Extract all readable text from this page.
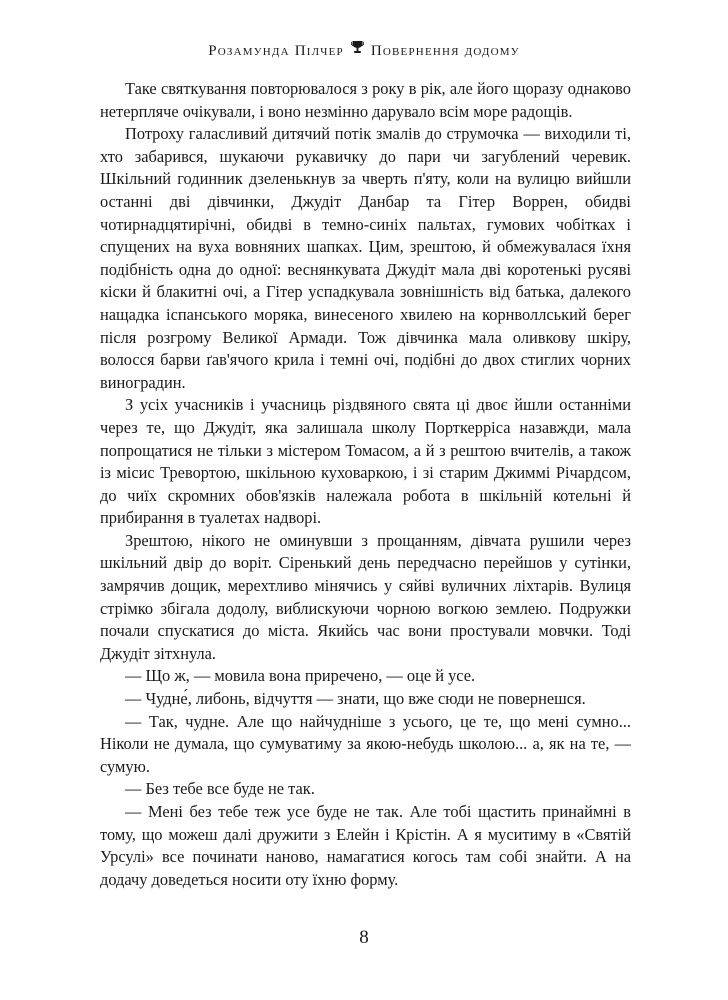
Розамунда Пілчер Повернення додому

Таке святкування повторювалося з року в рік, але його щоразу однаково нетерпляче очікували, і воно незмінно дарувало всім море радощів.

Потроху галасливий дитячий потік змалів до струмочка — виходили ті, хто забарився, шукаючи рукавичку до пари чи загублений черевик. Шкільний годинник дзеленькнув за чверть п'яту, коли на вулицю вийшли останні дві дівчинки, Джудіт Данбар та Гітер Воррен, обидві чотирнадцятирічні, обидві в темно-синіх пальтах, гумових чобітках і спущених на вуха вовняних шапках. Цим, зрештою, й обмежувалася їхня подібність одна до одної: веснянкувата Джудіт мала дві коротенькі русяві кіски й блакитні очі, а Гітер успадкувала зовнішність від батька, далекого нащадка іспанського моряка, винесеного хвилею на корнволлський берег після розгрому Великої Армади. Тож дівчинка мала оливкову шкіру, волосся барви ґав'ячого крила і темні очі, подібні до двох стиглих чорних виноградин.

З усіх учасників і учасниць різдвяного свята ці двоє йшли останніми через те, що Джудіт, яка залишала школу Порткерріса назавжди, мала попрощатися не тільки з містером Томасом, а й з рештою вчителів, а також із місис Тревортою, шкільною куховаркою, і зі старим Джиммі Річардсом, до чиїх скромних обов'язків належала робота в шкільній котельні й прибирання в туалетах надворі.

Зрештою, нікого не оминувши з прощанням, дівчата рушили через шкільний двір до воріт. Сіренький день передчасно перейшов у сутінки, замрячив дощик, мерехтливо мінячись у сяйві вуличних ліхтарів. Вулиця стрімко збігала додолу, виблискуючи чорною вогкою землею. Подружки почали спускатися до міста. Якийсь час вони простували мовчки. Тоді Джудіт зітхнула.

— Що ж, — мовила вона приречено, — оце й усе.

— Чудне́, либонь, відчуття — знати, що вже сюди не повернешся.

— Так, чудне. Але що найчудніше з усього, це те, що мені сумно... Ніколи не думала, що сумуватиму за якою-небудь школою... а, як на те, — сумую.

— Без тебе все буде не так.

— Мені без тебе теж усе буде не так. Але тобі щастить принаймні в тому, що можеш далі дружити з Елейн і Крістін. А я муситиму в «Святій Урсулі» все починати наново, намагатися когось там собі знайти. А на додачу доведеться носити оту їхню форму.

8
